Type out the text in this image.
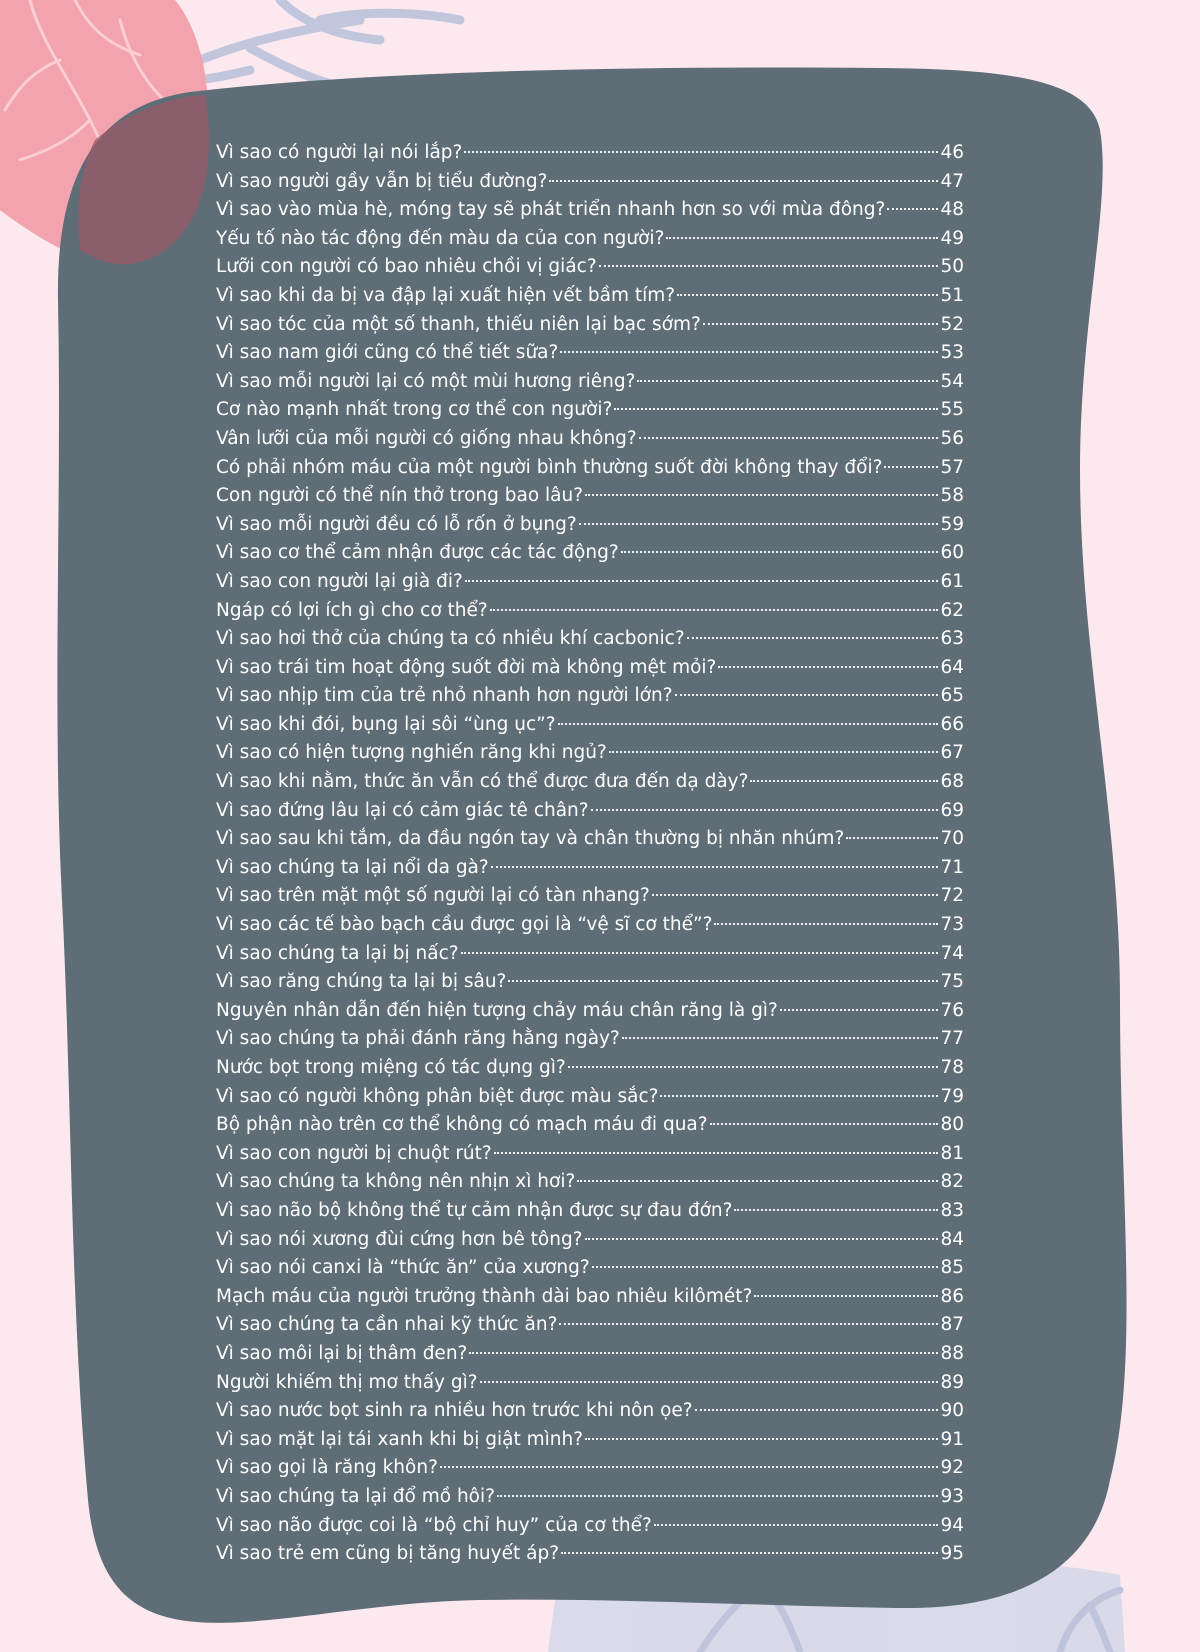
Vì sao có người lại nói lắp?	46
Vì sao người gầy vẫn bị tiểu đường?	47
Vì sao vào mùa hè, móng tay sẽ phát triển nhanh hơn so với mùa đông?	48
Yếu tố nào tác động đến màu da của con người?	49
Lưỡi con người có bao nhiêu chồi vị giác?	50
Vì sao khi da bị va đập lại xuất hiện vết bầm tím?	51
Vì sao tóc của một số thanh, thiếu niên lại bạc sớm?	52
Vì sao nam giới cũng có thể tiết sữa?	53
Vì sao mỗi người lại có một mùi hương riêng?	54
Cơ nào mạnh nhất trong cơ thể con người?	55
Vân lưỡi của mỗi người có giống nhau không?	56
Có phải nhóm máu của một người bình thường suốt đời không thay đổi?	57
Con người có thể nín thở trong bao lâu?	58
Vì sao mỗi người đều có lỗ rốn ở bụng?	59
Vì sao cơ thể cảm nhận được các tác động?	60
Vì sao con người lại già đi?	61
Ngáp có lợi ích gì cho cơ thể?	62
Vì sao hơi thở của chúng ta có nhiều khí cacbonic?	63
Vì sao trái tim hoạt động suốt đời mà không mệt mỏi?	64
Vì sao nhịp tim của trẻ nhỏ nhanh hơn người lớn?	65
Vì sao khi đói, bụng lại sôi “ùng ục”?	66
Vì sao có hiện tượng nghiến răng khi ngủ?	67
Vì sao khi nằm, thức ăn vẫn có thể được đưa đến dạ dày?	68
Vì sao đứng lâu lại có cảm giác tê chân?	69
Vì sao sau khi tắm, da đầu ngón tay và chân thường bị nhăn nhúm?	70
Vì sao chúng ta lại nổi da gà?	71
Vì sao trên mặt một số người lại có tàn nhang?	72
Vì sao các tế bào bạch cầu được gọi là “vệ sĩ cơ thể”?	73
Vì sao chúng ta lại bị nấc?	74
Vì sao răng chúng ta lại bị sâu?	75
Nguyên nhân dẫn đến hiện tượng chảy máu chân răng là gì?	76
Vì sao chúng ta phải đánh răng hằng ngày?	77
Nước bọt trong miệng có tác dụng gì?	78
Vì sao có người không phân biệt được màu sắc?	79
Bộ phận nào trên cơ thể không có mạch máu đi qua?	80
Vì sao con người bị chuột rút?	81
Vì sao chúng ta không nên nhịn xì hơi?	82
Vì sao não bộ không thể tự cảm nhận được sự đau đớn?	83
Vì sao nói xương đùi cứng hơn bê tông?	84
Vì sao nói canxi là “thức ăn” của xương?	85
Mạch máu của người trưởng thành dài bao nhiêu kilômét?	86
Vì sao chúng ta cần nhai kỹ thức ăn?	87
Vì sao môi lại bị thâm đen?	88
Người khiếm thị mơ thấy gì?	89
Vì sao nước bọt sinh ra nhiều hơn trước khi nôn ọe?	90
Vì sao mặt lại tái xanh khi bị giật mình?	91
Vì sao gọi là răng khôn?	92
Vì sao chúng ta lại đổ mồ hôi?	93
Vì sao não được coi là “bộ chỉ huy” của cơ thể?	94
Vì sao trẻ em cũng bị tăng huyết áp?	95
